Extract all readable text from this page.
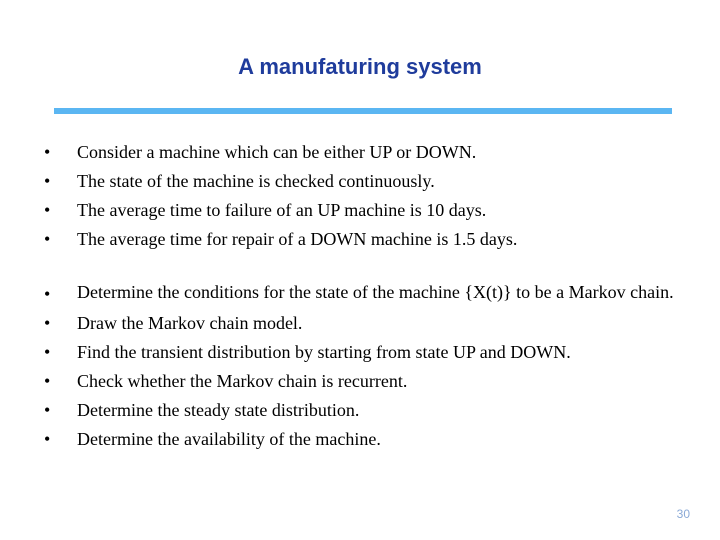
A manufaturing system
•	Consider a machine which can be either UP or DOWN.
•	The state of the machine is checked continuously.
•	The average time to failure of an UP machine is 10 days.
•	The average time for repair of a DOWN machine is 1.5 days.
•	Determine the conditions for the state of the machine {X(t)} to be a Markov chain.
•	Draw the Markov chain model.
•	Find the transient distribution by starting from state UP and DOWN.
•	Check whether the Markov chain is recurrent.
•	Determine the steady state distribution.
•	Determine the availability of the machine.
30
